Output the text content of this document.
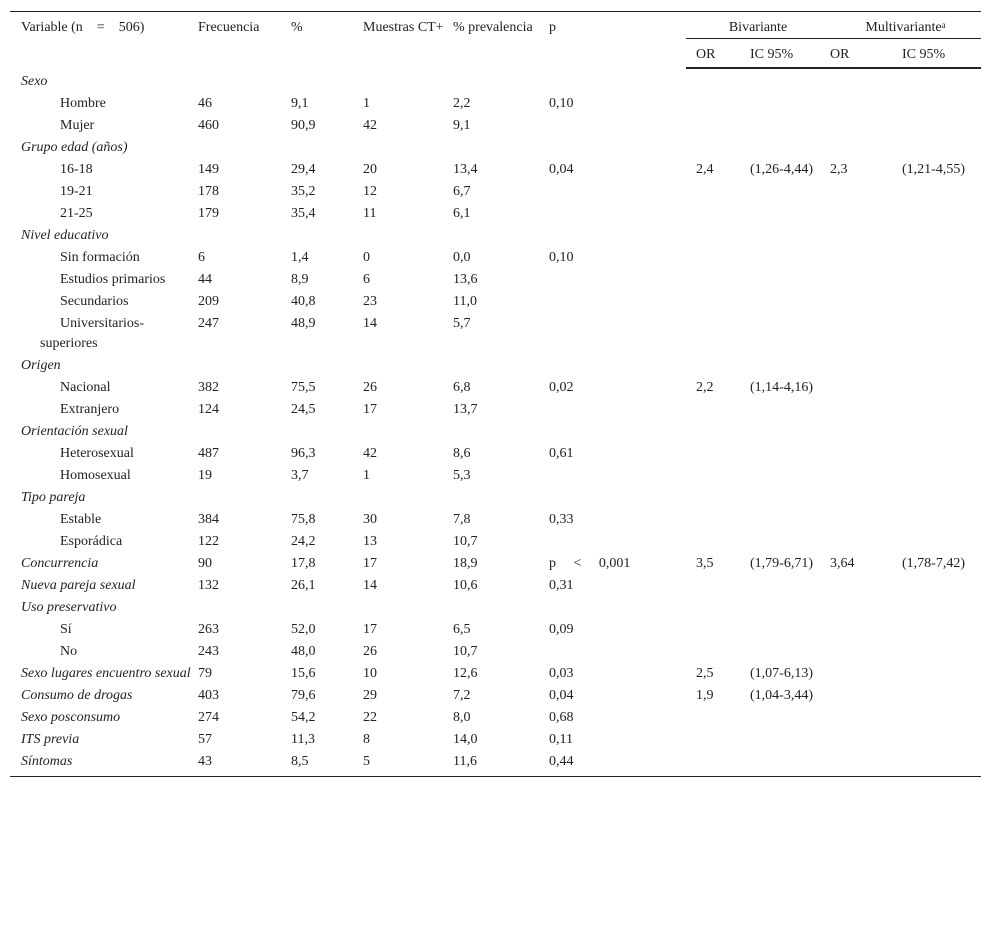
Variable (n = 506)	Frecuencia	%	Muestras CT+	% prevalencia	p	Bivariante		Multivariante$^a$
						OR	IC 95%	OR	IC 95%
Sexo									
Hombre	46	9,1	1	2,2	0,10				
Mujer	460	90,9	42	9,1					
Grupo edad (años)									
16-18	149	29,4	20	13,4	0,04	2,4	(1,26-4,44)	2,3	(1,21-4,55)
19-21	178	35,2	12	6,7					
21-25	179	35,4	11	6,1					
Nivel educativo									
Sin formación	6	1,4	0	0,0	0,10				
Estudios primarios	44	8,9	6	13,6					
Secundarios	209	40,8	23	11,0					
Universitarios-superiores	247	48,9	14	5,7					
Origen									
Nacional	382	75,5	26	6,8	0,02	2,2	(1,14-4,16)		
Extranjero	124	24,5	17	13,7					
Orientación sexual									
Heterosexual	487	96,3	42	8,6	0,61				
Homosexual	19	3,7	1	5,3					
Tipo pareja									
Estable	384	75,8	30	7,8	0,33				
Esporádica	122	24,2	13	10,7					
Concurrencia	90	17,8	17	18,9	p  <  0,001	3,5	(1,79-6,71)	3,64	(1,78-7,42)
Nueva pareja sexual	132	26,1	14	10,6	0,31				
Uso preservativo									
Sí	263	52,0	17	6,5	0,09				
No	243	48,0	26	10,7					
Sexo lugares encuentro sexual	79	15,6	10	12,6	0,03	2,5	(1,07-6,13)		
Consumo de drogas	403	79,6	29	7,2	0,04	1,9	(1,04-3,44)		
Sexo posconsumo	274	54,2	22	8,0	0,68				
ITS previa	57	11,3	8	14,0	0,11				
Síntomas	43	8,5	5	11,6	0,44				
